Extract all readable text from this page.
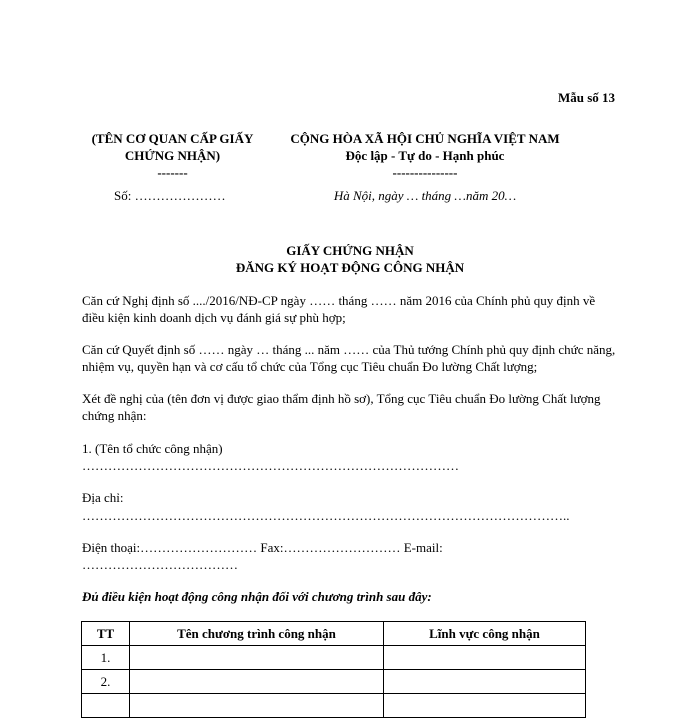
Mẫu số 13
(TÊN CƠ QUAN CẤP GIẤY
CHỨNG NHẬN)
-------
Số: …………………
CỘNG HÒA XÃ HỘI CHỦ NGHĨA VIỆT NAM
Độc lập - Tự do - Hạnh phúc
---------------
Hà Nội, ngày … tháng …năm 20…
GIẤY CHỨNG NHẬN
ĐĂNG KÝ HOẠT ĐỘNG CÔNG NHẬN
Căn cứ Nghị định số ..../2016/NĐ-CP ngày …… tháng …… năm 2016 của Chính phủ quy định về điều kiện kinh doanh dịch vụ đánh giá sự phù hợp;
Căn cứ Quyết định số …… ngày … tháng ... năm …… của Thủ tướng Chính phủ quy định chức năng, nhiệm vụ, quyền hạn và cơ cấu tổ chức của Tổng cục Tiêu chuẩn Đo lường Chất lượng;
Xét đề nghị của (tên đơn vị được giao thẩm định hồ sơ), Tổng cục Tiêu chuẩn Đo lường Chất lượng chứng nhận:
1. (Tên tổ chức công nhận)
……………………………………………………………………………
Địa chỉ:
…………………………………………………………………………………………………..
Điện thoại:……………………… Fax:……………………… E-mail:
………………………………
Đủ điều kiện hoạt động công nhận đối với chương trình sau đây:
TT	Tên chương trình công nhận	Lĩnh vực công nhận
1.		
2.		
